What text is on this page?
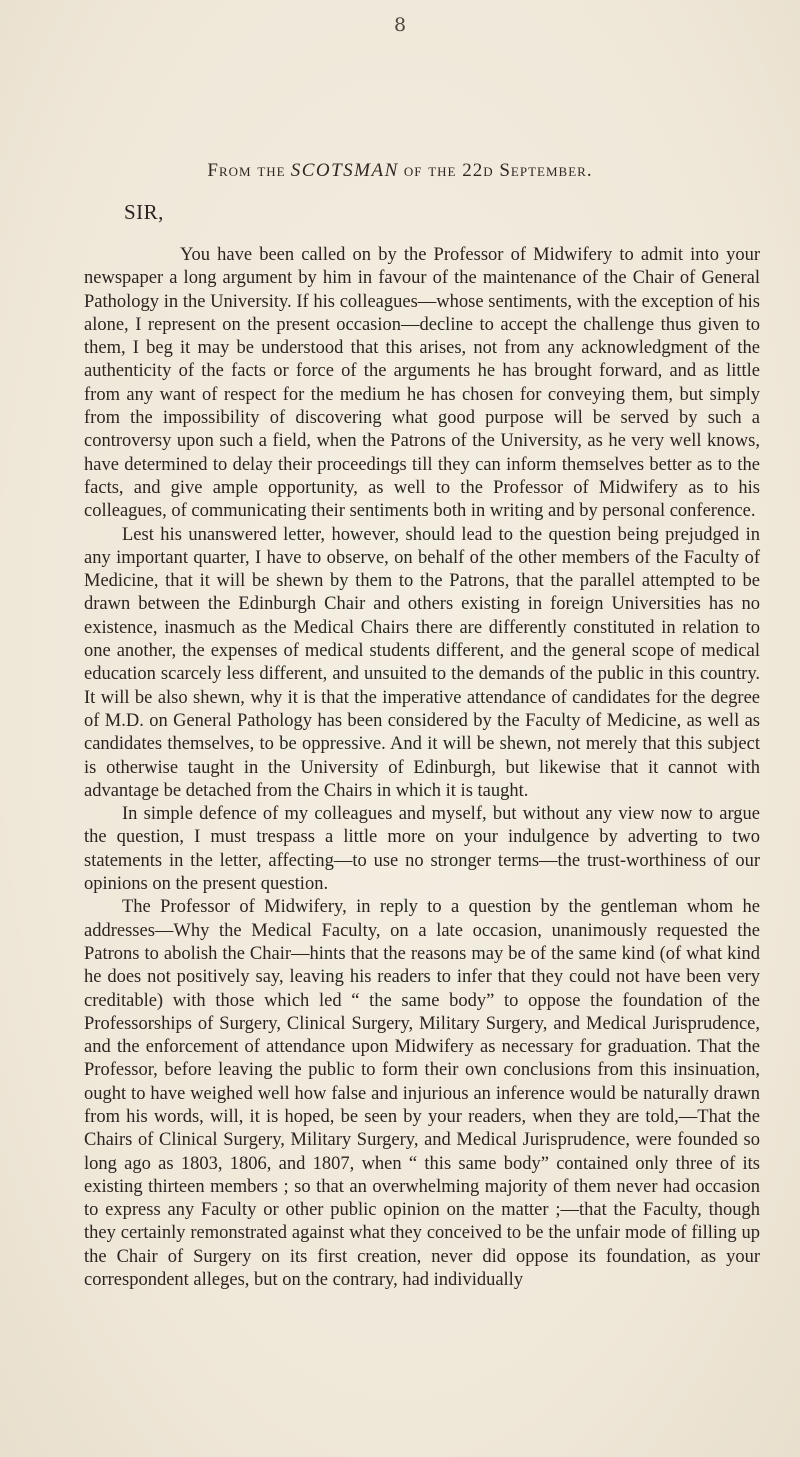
8
From the SCOTSMAN of the 22d September.
SIR,

You have been called on by the Professor of Midwifery to admit into your newspaper a long argument by him in favour of the maintenance of the Chair of General Pathology in the University. If his colleagues—whose sentiments, with the exception of his alone, I represent on the present occasion—decline to accept the challenge thus given to them, I beg it may be understood that this arises, not from any acknowledgment of the authenticity of the facts or force of the arguments he has brought forward, and as little from any want of respect for the medium he has chosen for conveying them, but simply from the impossibility of discovering what good purpose will be served by such a controversy upon such a field, when the Patrons of the University, as he very well knows, have determined to delay their proceedings till they can inform themselves better as to the facts, and give ample opportunity, as well to the Professor of Midwifery as to his colleagues, of communicating their sentiments both in writing and by personal conference.

Lest his unanswered letter, however, should lead to the question being prejudged in any important quarter, I have to observe, on behalf of the other members of the Faculty of Medicine, that it will be shewn by them to the Patrons, that the parallel attempted to be drawn between the Edinburgh Chair and others existing in foreign Universities has no existence, inasmuch as the Medical Chairs there are differently constituted in relation to one another, the expenses of medical students different, and the general scope of medical education scarcely less different, and unsuited to the demands of the public in this country. It will be also shewn, why it is that the imperative attendance of candidates for the degree of M.D. on General Pathology has been considered by the Faculty of Medicine, as well as candidates themselves, to be oppressive. And it will be shewn, not merely that this subject is otherwise taught in the University of Edinburgh, but likewise that it cannot with advantage be detached from the Chairs in which it is taught.

In simple defence of my colleagues and myself, but without any view now to argue the question, I must trespass a little more on your indulgence by adverting to two statements in the letter, affecting—to use no stronger terms—the trust-worthiness of our opinions on the present question.

The Professor of Midwifery, in reply to a question by the gentleman whom he addresses—Why the Medical Faculty, on a late occasion, unanimously requested the Patrons to abolish the Chair—hints that the reasons may be of the same kind (of what kind he does not positively say, leaving his readers to infer that they could not have been very creditable) with those which led “ the same body” to oppose the foundation of the Professorships of Surgery, Clinical Surgery, Military Surgery, and Medical Jurisprudence, and the enforcement of attendance upon Midwifery as necessary for graduation. That the Professor, before leaving the public to form their own conclusions from this insinuation, ought to have weighed well how false and injurious an inference would be naturally drawn from his words, will, it is hoped, be seen by your readers, when they are told,—That the Chairs of Clinical Surgery, Military Surgery, and Medical Jurisprudence, were founded so long ago as 1803, 1806, and 1807, when “ this same body” contained only three of its existing thirteen members ; so that an overwhelming majority of them never had occasion to express any Faculty or other public opinion on the matter ;—that the Faculty, though they certainly remonstrated against what they conceived to be the unfair mode of filling up the Chair of Surgery on its first creation, never did oppose its foundation, as your correspondent alleges, but on the contrary, had individually
